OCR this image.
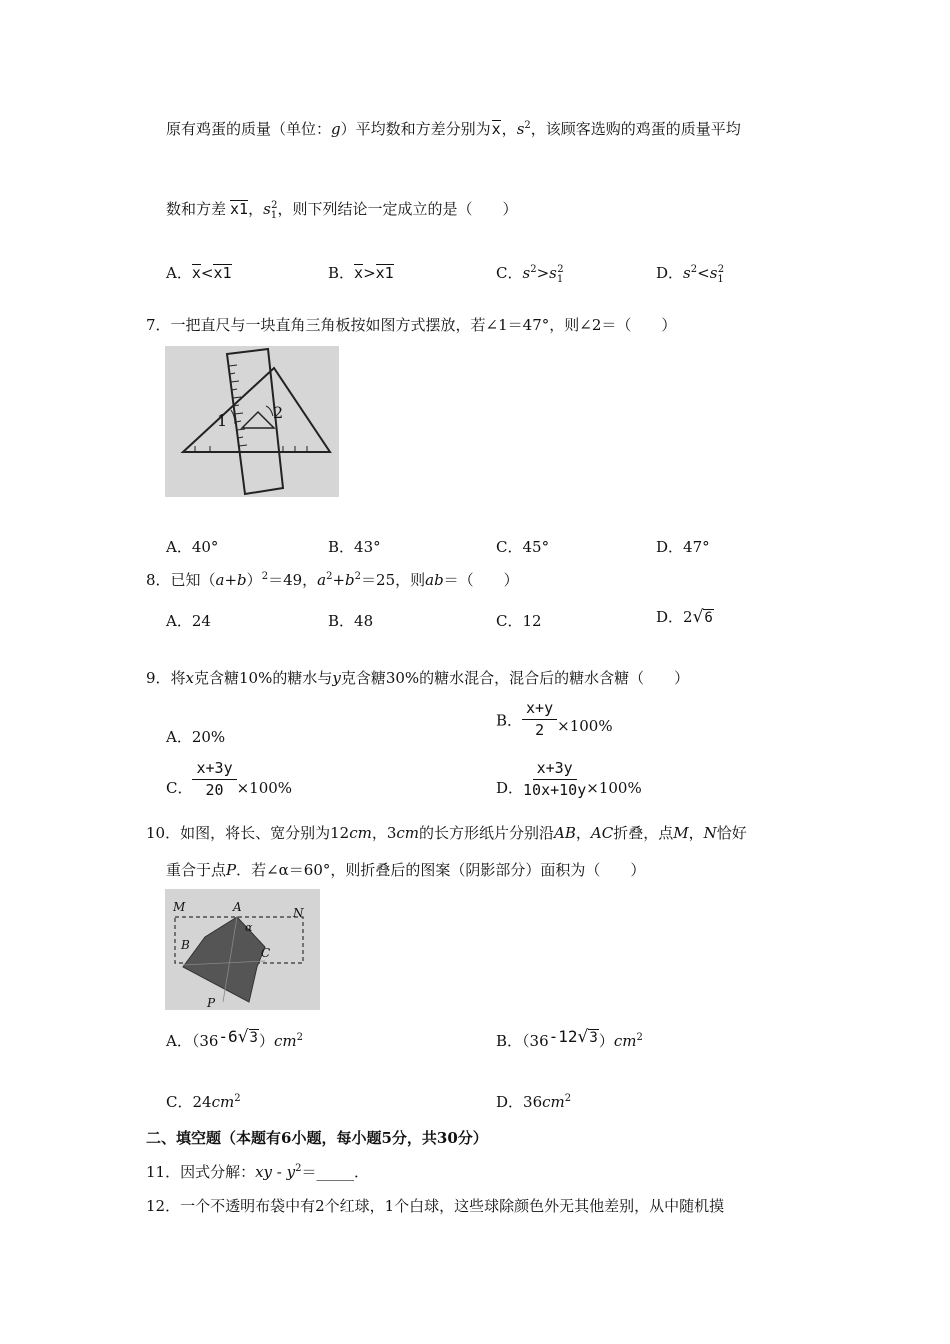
原有鸡蛋的质量（单位：g）平均数和方差分别为x，$s^2$，该顾客选购的鸡蛋的质量平均
数和方差 x1，$s_1^2$，则下列结论一定成立的是（　　）
A．x<x1	B．x>x1	C．$s^2>s_1^2$	D．$s^2<s_1^2$
7．一把直尺与一块直角三角板按如图方式摆放，若∠1＝47°，则∠2＝（　　）
1	2
A．40°	B．43°	C．45°	D．47°
8．已知$(a+b)^2=49$，$a^2+b^2=25$，则ab＝（　　）
A．24	B．48	C．12	D．2√6
9．将x克含糖10%的糖水与y克含糖30%的糖水混合，混合后的糖水含糖（　　）
A．20%
B． $\frac{x+y}{2} \times 100\%$
C． $\frac{x+3y}{20} \times 100\%$	D． $\frac{x+3y}{10x+10y} \times 100\%$
10．如图，将长、宽分别为12cm，3cm的长方形纸片分别沿AB，AC折叠，点M，N恰好
重合于点P．若∠α＝60°，则折叠后的图案（阴影部分）面积为（　　）
M	A	N
B
C
P
α
A．$(36-6√3)cm^2$	B．$(36-12√3)cm^2$
C．$24cm^2$	D．$36cm^2$
二、填空题（本题有6小题，每小题5分，共30分）
11．因式分解：xy - $y^2=\_\_\_\_\_$．
12．一个不透明布袋中有2个红球，1个白球，这些球除颜色外无其他差别，从中随机摸
